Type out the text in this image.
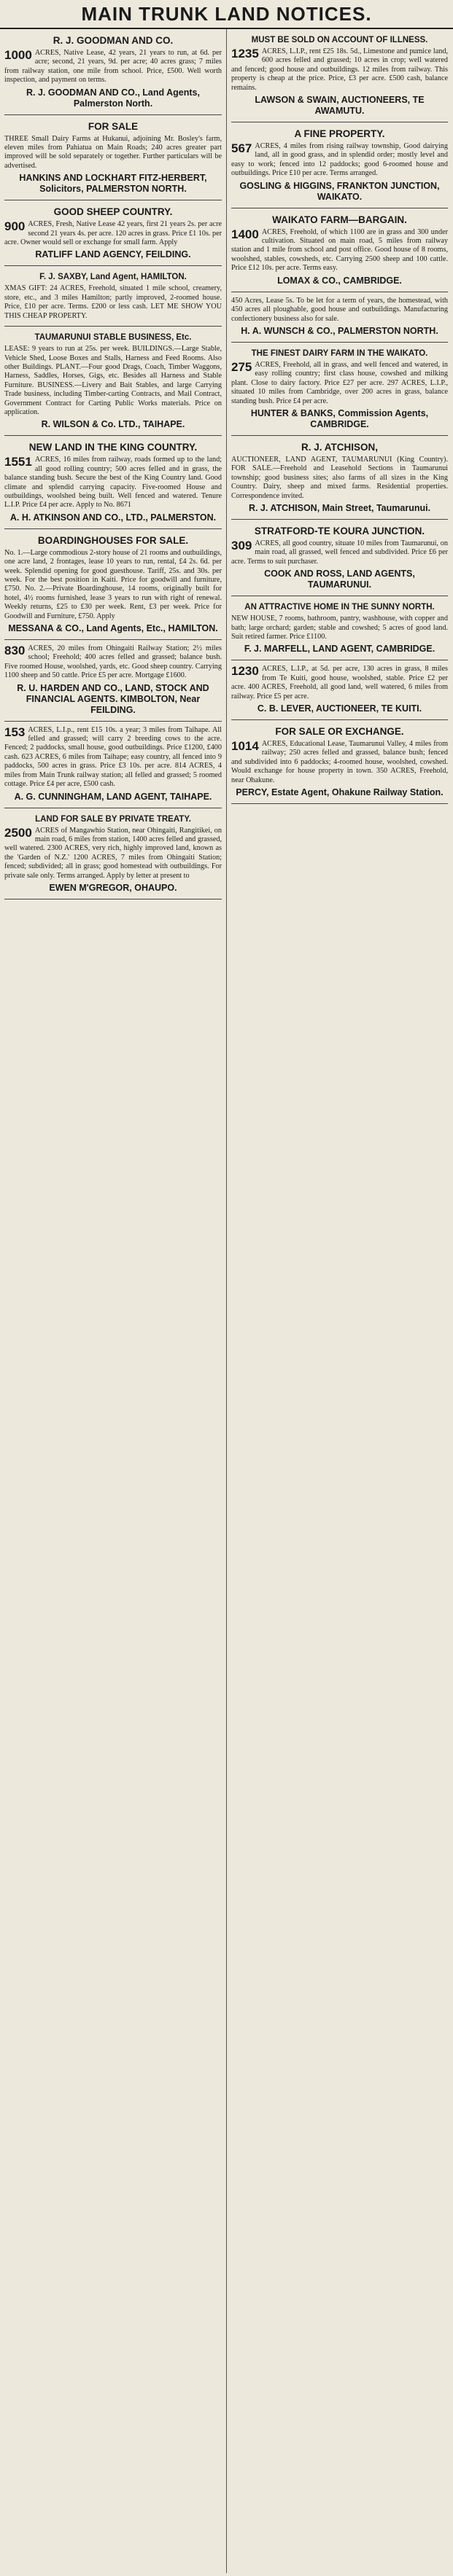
MAIN TRUNK LAND NOTICES.
R. J. GOODMAN AND CO.
1000 ACRES, Native Lease, 42 years, 21 years to run, at 6d. per acre; second, 21 years, 9d. per acre; 40 acres grass; 7 miles from railway station, one mile from school. Price, £500. Well worth inspection, and payment on terms.
R. J. GOODMAN AND CO., Land Agents, Palmerston North.
FOR SALE
THREE Small Dairy Farms at Hukanui, adjoining Mr. Bosley's farm, eleven miles from Pahiatua on Main Roads; 240 acres greater part improved will be sold separately or together. Further particulars will be advertised.
HANKINS AND LOCKHART FITZ-HERBERT, Solicitors, PALMERSTON NORTH.
GOOD SHEEP COUNTRY.
900 ACRES, Fresh, Native Lease 42 years, first 21 years 2s. per acre second 21 years 4s. per acre. 120 acres in grass. Price £1 10s. per acre. Owner would sell or exchange for small farm. Apply
RATLIFF LAND AGENCY, FEILDING.
F. J. SAXBY, Land Agent, HAMILTON.
XMAS GIFT: 24 ACRES, Freehold, situated 1 mile school, creamery, store, etc., and 3 miles Hamilton; partly improved, 2-roomed house. Price, £10 per acre. Terms. £200 or less cash. LET ME SHOW YOU THIS CHEAP PROPERTY.
TAUMARUNUI STABLE BUSINESS, Etc.
LEASE: 9 years to run at 25s. per week. BUILDINGS.—Large Stable, Vehicle Shed, Loose Boxes and Stalls, Harness and Feed Rooms. Also other Buildings. PLANT.—Four good Drags, Coach, Timber Waggons, Harness, Saddles, Horses, Gigs, etc. Besides all Harness and Stable Furniture. BUSINESS.—Livery and Bait Stables, and large Carrying Trade business, including Timber-carting Contracts, and Mail Contract, Government Contract for Carting Public Works materials. Price on application.
R. WILSON & Co. LTD., TAIHAPE.
NEW LAND IN THE KING COUNTRY.
1551 ACRES, 16 miles from railway, roads formed up to the land; all good rolling country; 500 acres felled and in grass, the balance standing bush. Secure the best of the King Country land. Good climate and splendid carrying capacity. Five-roomed House and outbuildings, woolshed being built. Well fenced and watered. Tenure L.I.P. Price £4 per acre. Apply to No. 8671
A. H. ATKINSON AND CO., LTD., PALMERSTON.
BOARDINGHOUSES FOR SALE.
No. 1.—Large commodious 2-story house of 21 rooms and outbuildings, one acre land, 2 frontages, lease 10 years to run, rental, £4 2s. 6d. per week. Splendid opening for good guesthouse. Tariff, 25s. and 30s. per week. For the best position in Kaiti. Price for goodwill and furniture, £750. No. 2.—Private Boardinghouse, 14 rooms, originally built for hotel, 4½ rooms furnished, lease 3 years to run with right of renewal. Weekly returns, £25 to £30 per week. Rent, £3 per week. Price for Goodwill and Furniture, £750. Apply
MESSANA & CO., Land Agents, Etc., HAMILTON.
830 ACRES, 20 miles from Ohingaiti Railway Station; 2½ miles school; Freehold; 400 acres felled and grassed; balance bush. Five roomed House, woolshed, yards, etc. Good sheep country. Carrying 1100 sheep and 50 cattle. Price £5 per acre. Mortgage £1600.
R. U. HARDEN AND CO., LAND, STOCK AND FINANCIAL AGENTS. KIMBOLTON, Near FEILDING.
153 ACRES, L.I.p., rent £15 10s. a year; 3 miles from Taihape. All felled and grassed; will carry 2 breeding cows to the acre. Fenced; 2 paddocks, small house, good outbuildings. Price £1200, £400 cash. 623 ACRES, 6 miles from Taihape; easy country, all fenced into 9 paddocks, 500 acres in grass. Price £3 10s. per acre. 814 ACRES, 4 miles from Main Trunk railway station; all felled and grassed; 5 roomed cottage. Price £4 per acre, £500 cash.
A. G. CUNNINGHAM, LAND AGENT, TAIHAPE.
LAND FOR SALE BY PRIVATE TREATY.
2500 ACRES of Mangawhio Station, near Ohingaiti, Rangitikei, on main road, 6 miles from station, 1400 acres felled and grassed, well watered. 2300 ACRES, very rich, highly improved land, known as the 'Garden of N.Z.' 1200 ACRES, 7 miles from Ohingaiti Station; fenced; subdivided; all in grass; good homestead with outbuildings. For private sale only. Terms arranged. Apply by letter at present to
EWEN M'GREGOR, OHAUPO.
MUST BE SOLD ON ACCOUNT OF ILLNESS.
1235 ACRES, L.I.P., rent £25 18s. 5d., Limestone and pumice land, 600 acres felled and grassed; 10 acres in crop; well watered and fenced; good house and outbuildings. 12 miles from railway. This property is cheap at the price. Price, £3 per acre. £500 cash, balance remains.
LAWSON & SWAIN, AUCTIONEERS, TE AWAMUTU.
A FINE PROPERTY.
567 ACRES, 4 miles from rising railway township, Good dairying land, all in good grass, and in splendid order; mostly level and easy to work; fenced into 12 paddocks; good 6-roomed house and outbuildings. Price £10 per acre. Terms arranged.
GOSLING & HIGGINS, FRANKTON JUNCTION, WAIKATO.
WAIKATO FARM—BARGAIN.
1400 ACRES, Freehold, of which 1100 are in grass and 300 under cultivation. Situated on main road, 5 miles from railway station and 1 mile from school and post office. Good house of 8 rooms, woolshed, stables, cowsheds, etc. Carrying 2500 sheep and 100 cattle. Price £12 10s. per acre. Terms easy.
LOMAX & CO., CAMBRIDGE.
450 Acres, Lease 5s. To be let for a term of years, the homestead, with 450 acres all ploughable, good house and outbuildings. Manufacturing confectionery business also for sale.
H. A. WUNSCH & CO., PALMERSTON NORTH.
THE FINEST DAIRY FARM IN THE WAIKATO.
275 ACRES, Freehold, all in grass, and well fenced and watered, in easy rolling country; first class house, cowshed and milking plant. Close to dairy factory. Price £27 per acre. 297 ACRES, L.I.P., situated 10 miles from Cambridge, over 200 acres in grass, balance standing bush. Price £4 per acre.
HUNTER & BANKS, Commission Agents, CAMBRIDGE.
R. J. ATCHISON,
AUCTIONEER, LAND AGENT, TAUMARUNUI (King Country). FOR SALE.—Freehold and Leasehold Sections in Taumarunui township; good business sites; also farms of all sizes in the King Country. Dairy, sheep and mixed farms. Residential properties. Correspondence invited.
R. J. ATCHISON, Main Street, Taumarunui.
STRATFORD-TE KOURA JUNCTION.
309 ACRES, all good country, situate 10 miles from Taumarunui, on main road, all grassed, well fenced and subdivided. Price £6 per acre. Terms to suit purchaser.
COOK AND ROSS, LAND AGENTS, TAUMARUNUI.
AN ATTRACTIVE HOME IN THE SUNNY NORTH.
NEW HOUSE, 7 rooms, bathroom, pantry, washhouse, with copper and bath; large orchard; garden; stable and cowshed; 5 acres of good land. Suit retired farmer. Price £1100.
F. J. MARFELL, LAND AGENT, CAMBRIDGE.
1230 ACRES, L.I.P., at 5d. per acre, 130 acres in grass, 8 miles from Te Kuiti, good house, woolshed, stable. Price £2 per acre. 400 ACRES, Freehold, all good land, well watered, 6 miles from railway. Price £5 per acre.
C. B. LEVER, AUCTIONEER, TE KUITI.
FOR SALE OR EXCHANGE.
1014 ACRES, Educational Lease, Taumarunui Valley, 4 miles from railway; 250 acres felled and grassed, balance bush; fenced and subdivided into 6 paddocks; 4-roomed house, woolshed, cowshed. Would exchange for house property in town. 350 ACRES, Freehold, near Ohakune.
PERCY, Estate Agent, Ohakune Railway Station.
